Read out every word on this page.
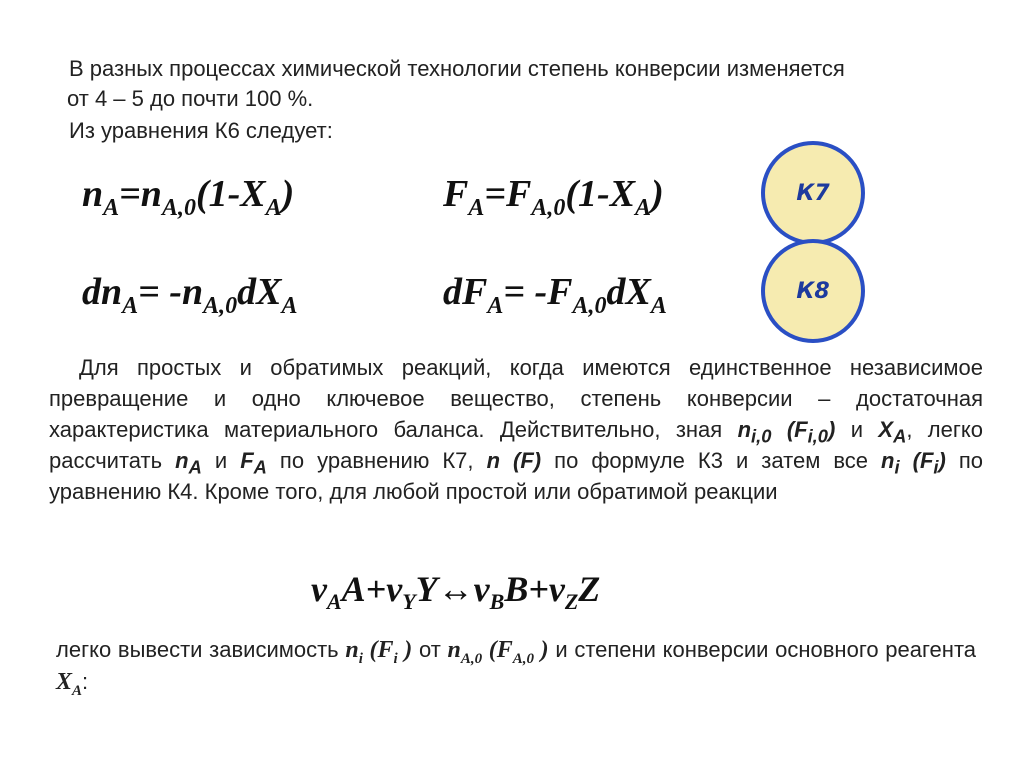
В разных процессах химической технологии степень конверсии изменяется
от 4 – 5 до почти 100 %.
Из уравнения К6 следует:
$n_A=n_{A,0}(1-X_A)$	$F_A=F_{A,0}(1-X_A)$
$dn_A= -n_{A,0}dX_A$	$dF_A= -F_{A,0}dX_A$
К7
К8
Для простых и обратимых реакций, когда имеются единственное независимое превращение и одно ключевое вещество, степень конверсии – достаточная характеристика материального баланса. Действительно, зная $n_{i,0}$ $(F_{i,0})$ и $X_A$, легко рассчитать $n_A$ и $F_A$ по уравнению К7, n (F) по формуле К3 и затем все $n_i$ $(F_i)$ по уравнению К4. Кроме того, для любой простой или обратимой реакции
$\nu_AA+\nu_YY\leftrightarrow\nu_BB+\nu_ZZ$
легко вывести зависимость $n_i$ ($F_i$ ) от $n_{A,0}$ ($F_{A,0}$ ) и степени конверсии основного реагента $X_A$:
